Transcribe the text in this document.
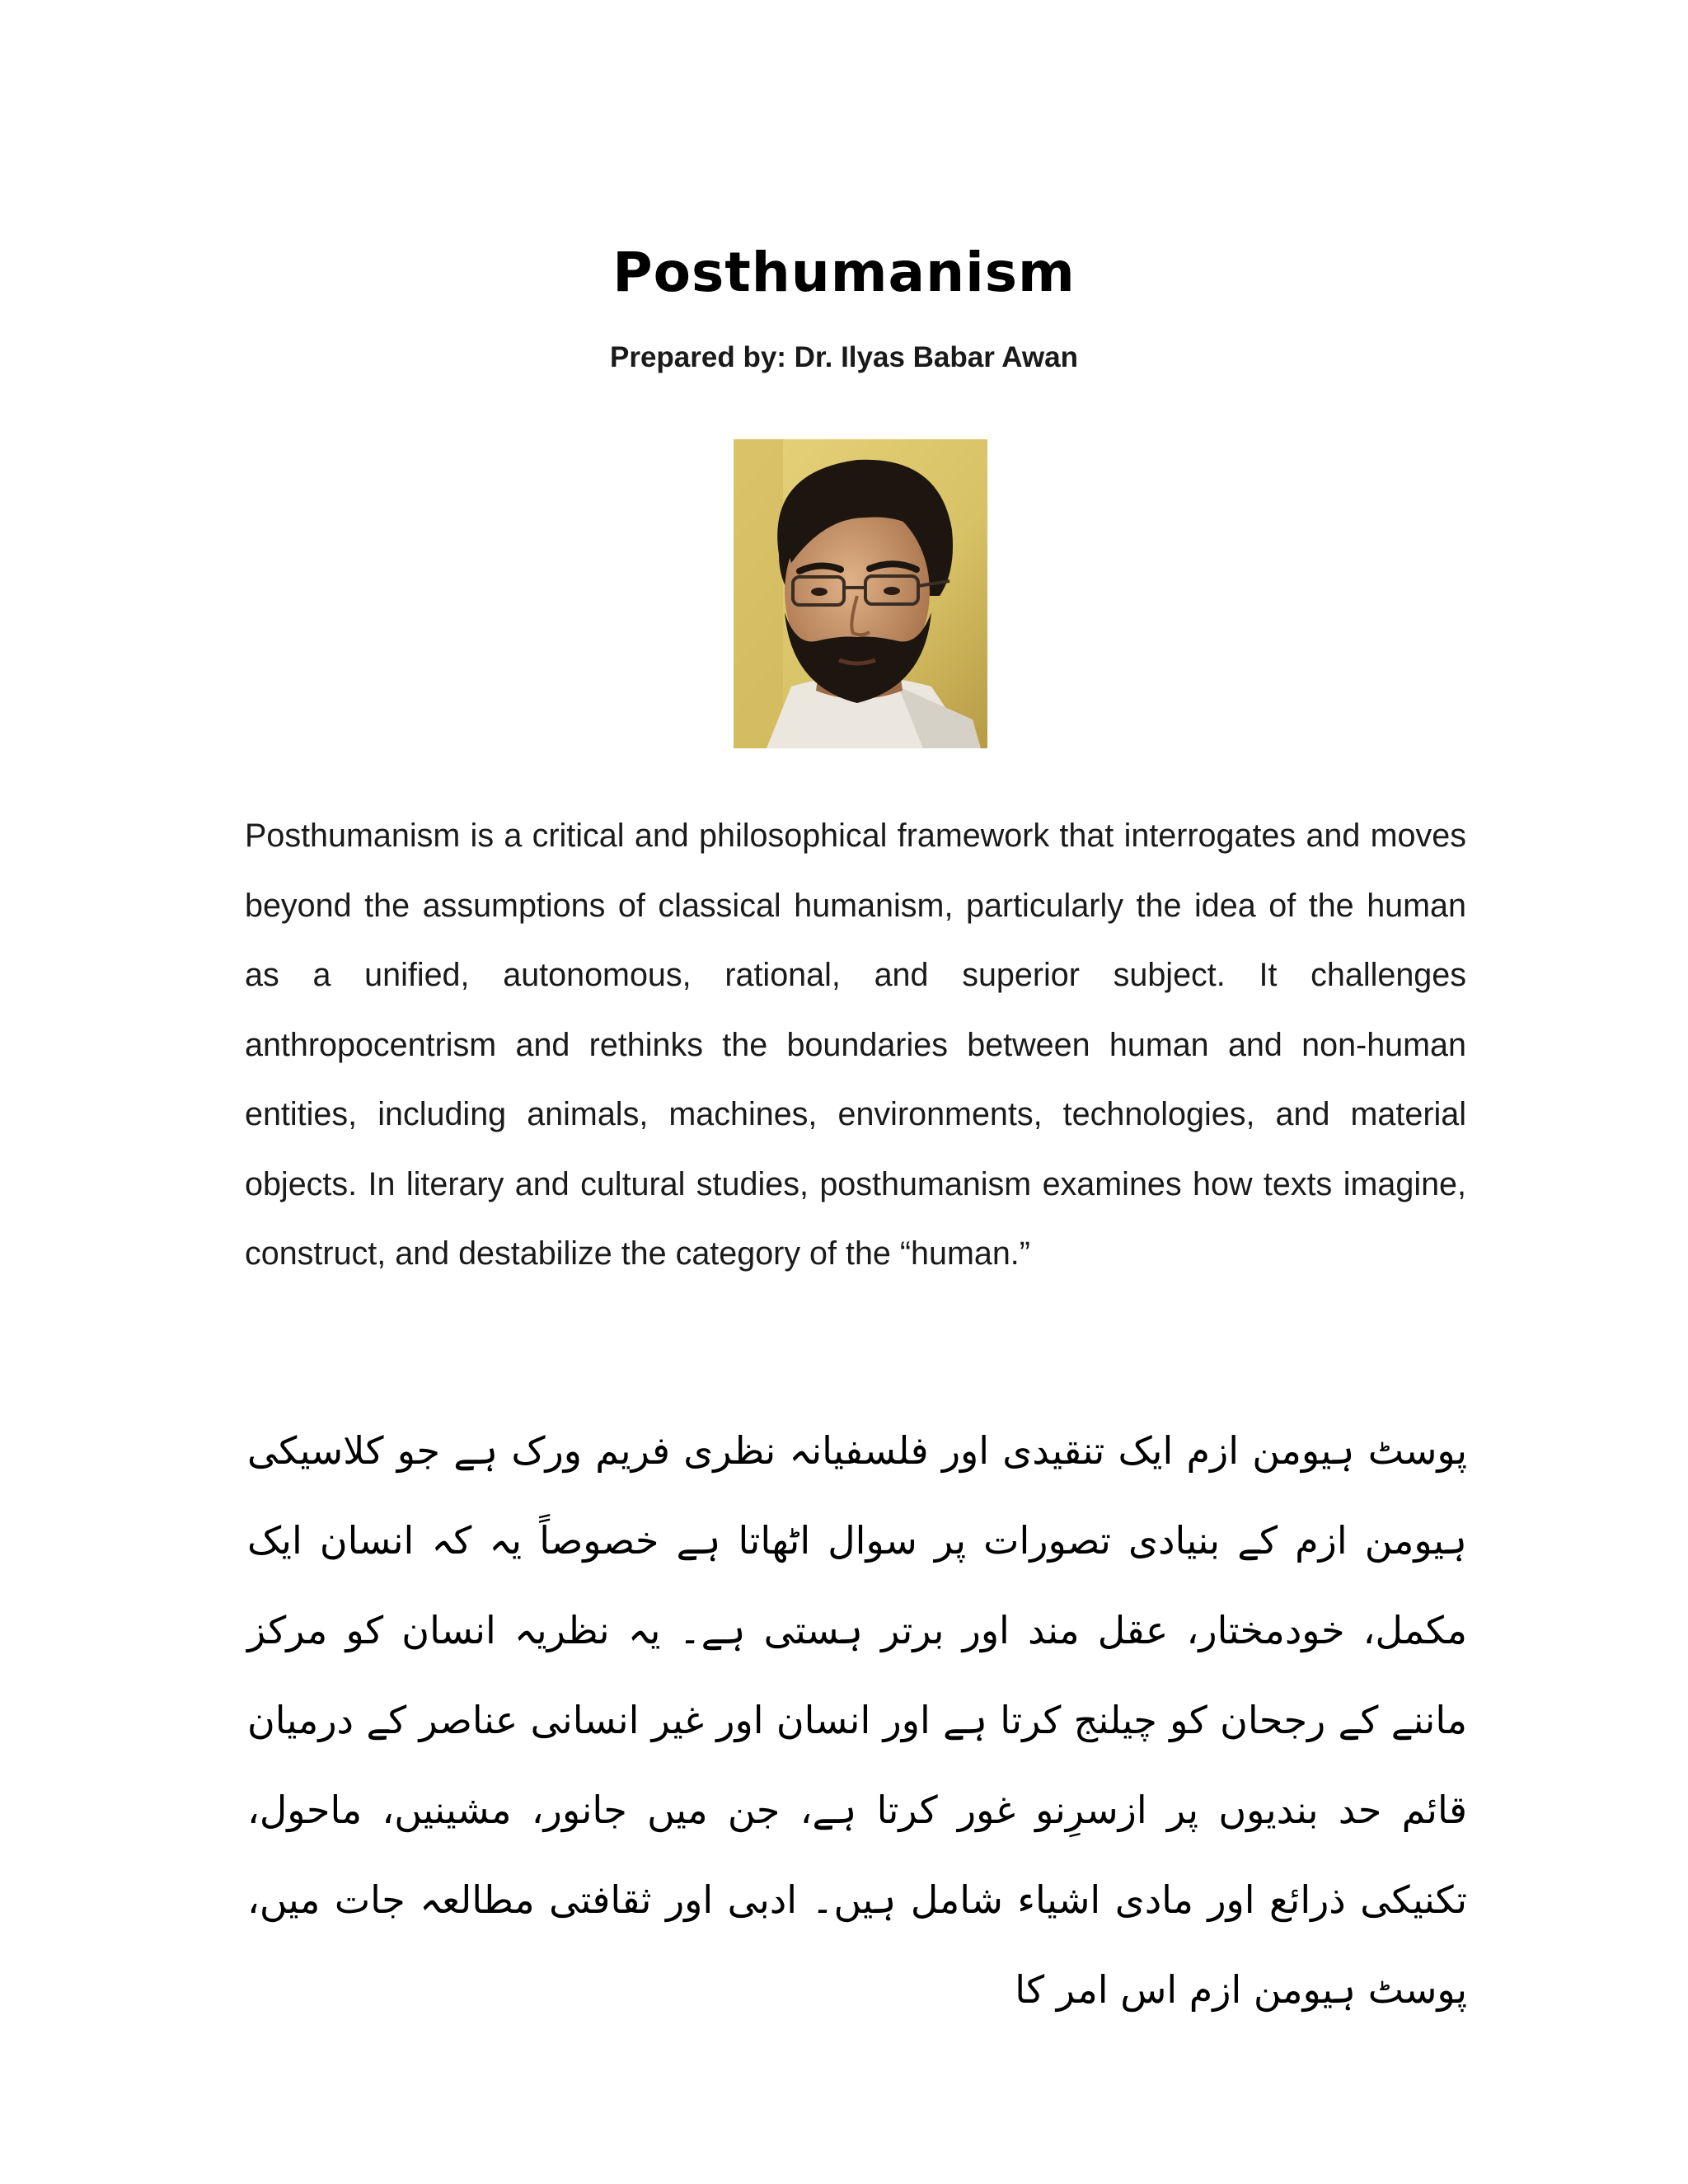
Posthumanism
Prepared by: Dr. Ilyas Babar Awan

Posthumanism is a critical and philosophical framework that interrogates and moves beyond the assumptions of classical humanism, particularly the idea of the human as a unified, autonomous, rational, and superior subject. It challenges anthropocentrism and rethinks the boundaries between human and non-human entities, including animals, machines, environments, technologies, and material objects. In literary and cultural studies, posthumanism examines how texts imagine, construct, and destabilize the category of the “human.”

پوسٹ ہیومن ازم ایک تنقیدی اور فلسفیانہ نظری فریم ورک ہے جو کلاسیکی ہیومن ازم کے بنیادی تصورات پر سوال اٹھاتا ہے خصوصاً یہ کہ انسان ایک مکمل، خودمختار، عقل مند اور برتر ہستی ہے۔ یہ نظریہ انسان کو مرکز ماننے کے رجحان کو چیلنج کرتا ہے اور انسان اور غیر انسانی عناصر کے درمیان قائم حد بندیوں پر ازسرِنو غور کرتا ہے، جن میں جانور، مشینیں، ماحول، تکنیکی ذرائع اور مادی اشیاء شامل ہیں۔ ادبی اور ثقافتی مطالعہ جات میں، پوسٹ ہیومن ازم اس امر کا
